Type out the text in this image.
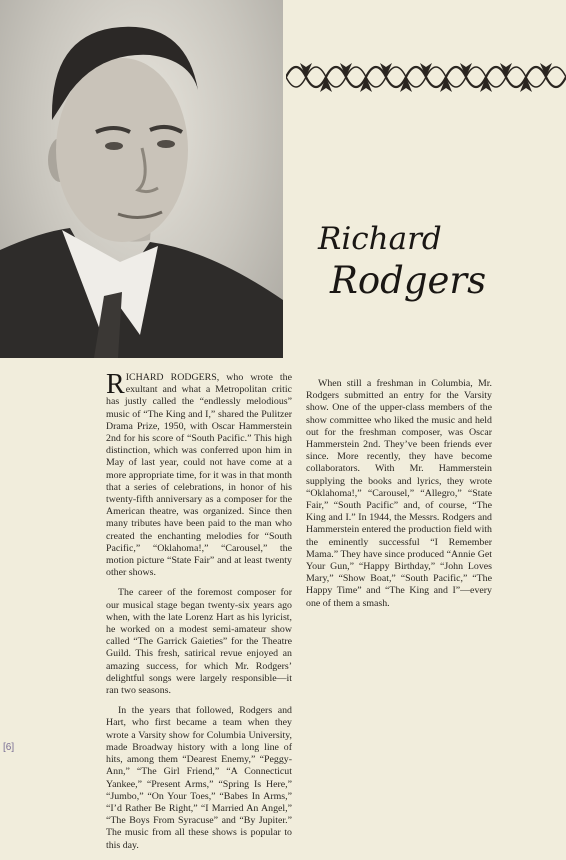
Richard
Rodgers

RICHARD RODGERS, who wrote the exultant and what a Metropolitan critic has justly called the “endlessly melodious” music of “The King and I,” shared the Pulitzer Drama Prize, 1950, with Oscar Hammerstein 2nd for his score of “South Pacific.” This high distinction, which was conferred upon him in May of last year, could not have come at a more appropriate time, for it was in that month that a series of celebrations, in honor of his twenty-fifth anniversary as a composer for the American theatre, was organized. Since then many tributes have been paid to the man who created the enchanting melodies for “South Pacific,” “Oklahoma!,” “Carousel,” the motion picture “State Fair” and at least twenty other shows.

The career of the foremost composer for our musical stage began twenty-six years ago when, with the late Lorenz Hart as his lyricist, he worked on a modest semi-amateur show called “The Garrick Gaieties” for the Theatre Guild. This fresh, satirical revue enjoyed an amazing success, for which Mr. Rodgers’ delightful songs were largely responsible—it ran two seasons.

In the years that followed, Rodgers and Hart, who first became a team when they wrote a Varsity show for Columbia University, made Broadway history with a long line of hits, among them “Dearest Enemy,” “Peggy-Ann,” “The Girl Friend,” “A Connecticut Yankee,” “Present Arms,” “Spring Is Here,” “Jumbo,” “On Your Toes,” “Babes In Arms,” “I’d Rather Be Right,” “I Married An Angel,” “The Boys From Syracuse” and “By Jupiter.” The music from all these shows is popular to this day.

When still a freshman in Columbia, Mr. Rodgers submitted an entry for the Varsity show. One of the upper-class members of the show committee who liked the music and held out for the freshman composer, was Oscar Hammerstein 2nd. They’ve been friends ever since. More recently, they have become collaborators. With Mr. Hammerstein supplying the books and lyrics, they wrote “Oklahoma!,” “Carousel,” “Allegro,” “State Fair,” “South Pacific” and, of course, “The King and I.” In 1944, the Messrs. Rodgers and Hammerstein entered the production field with the eminently successful “I Remember Mama.” They have since produced “Annie Get Your Gun,” “Happy Birthday,” “John Loves Mary,” “Show Boat,” “South Pacific,” “The Happy Time” and “The King and I”—every one of them a smash.

[6]
